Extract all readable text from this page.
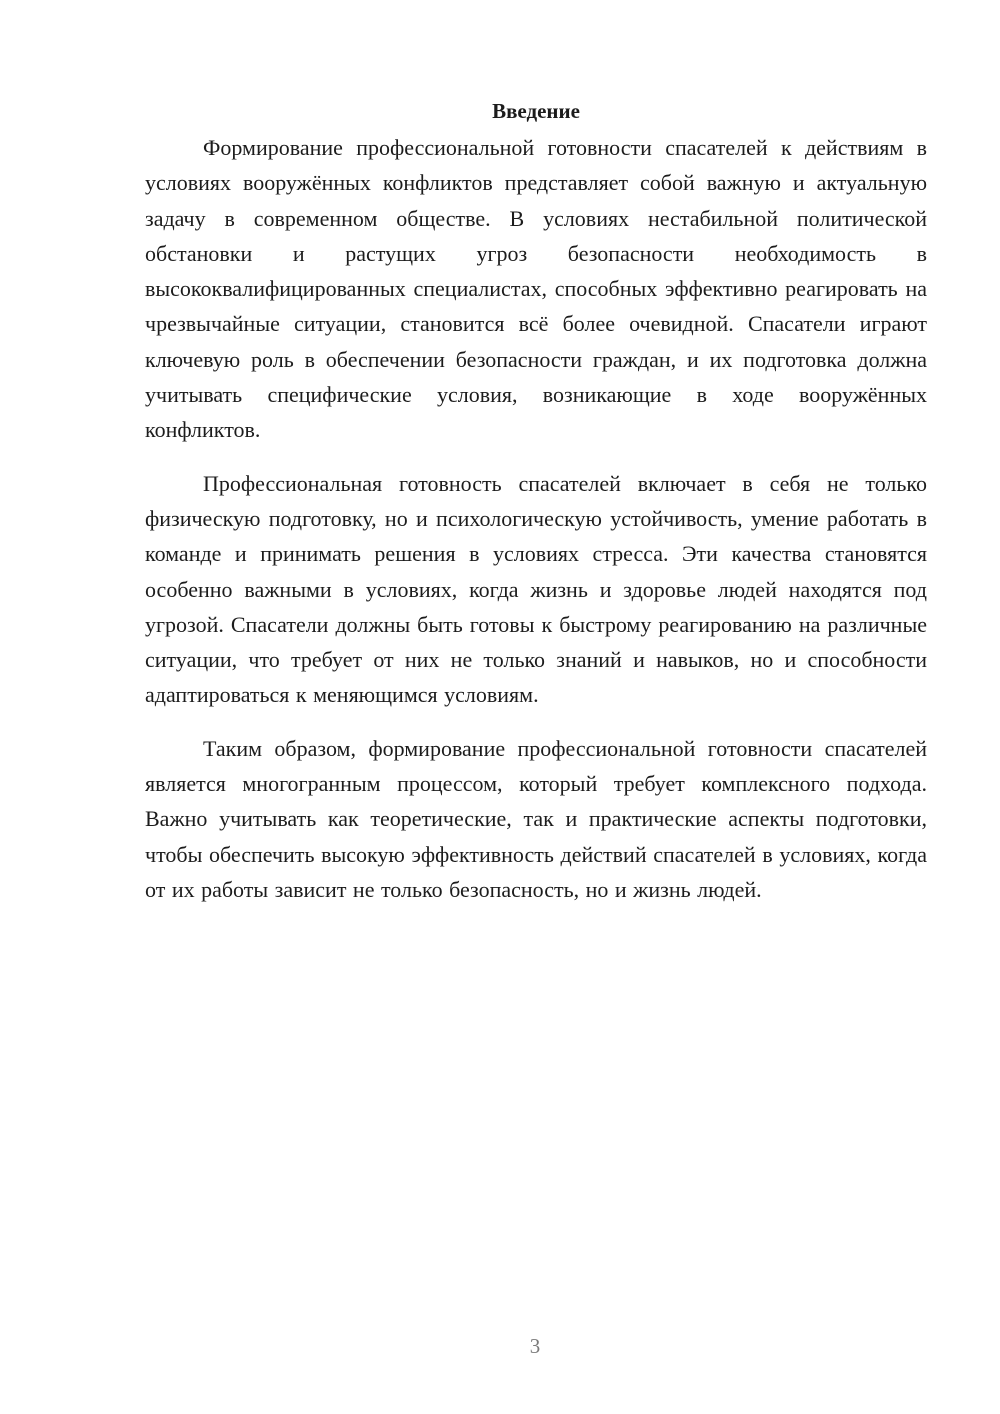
Введение

Формирование профессиональной готовности спасателей к действиям в условиях вооружённых конфликтов представляет собой важную и актуальную задачу в современном обществе. В условиях нестабильной политической обстановки и растущих угроз безопасности необходимость в высококвалифицированных специалистах, способных эффективно реагировать на чрезвычайные ситуации, становится всё более очевидной. Спасатели играют ключевую роль в обеспечении безопасности граждан, и их подготовка должна учитывать специфические условия, возникающие в ходе вооружённых конфликтов.

Профессиональная готовность спасателей включает в себя не только физическую подготовку, но и психологическую устойчивость, умение работать в команде и принимать решения в условиях стресса. Эти качества становятся особенно важными в условиях, когда жизнь и здоровье людей находятся под угрозой. Спасатели должны быть готовы к быстрому реагированию на различные ситуации, что требует от них не только знаний и навыков, но и способности адаптироваться к меняющимся условиям.

Таким образом, формирование профессиональной готовности спасателей является многогранным процессом, который требует комплексного подхода. Важно учитывать как теоретические, так и практические аспекты подготовки, чтобы обеспечить высокую эффективность действий спасателей в условиях, когда от их работы зависит не только безопасность, но и жизнь людей.

3
